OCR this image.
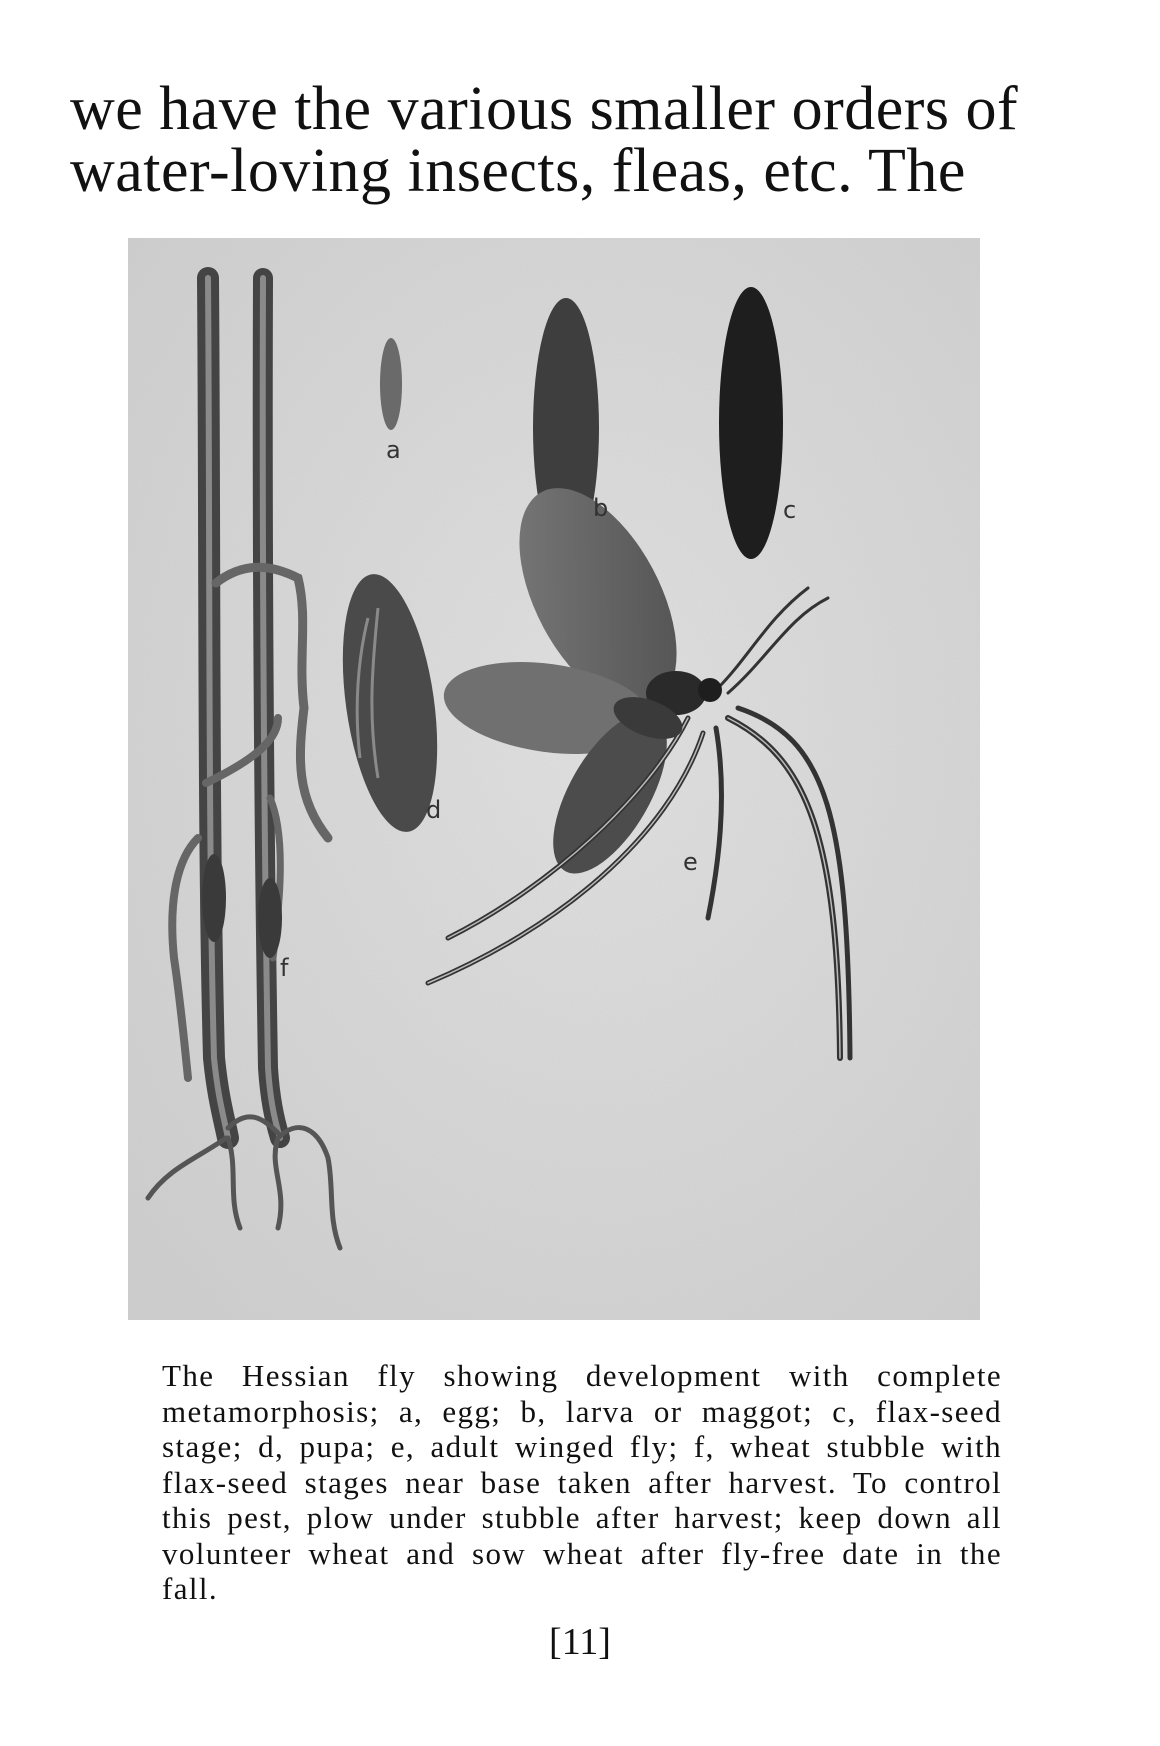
we have the various smaller orders of
water-loving insects, fleas, etc. The
a
b	c
d
e
f
The Hessian fly showing development with complete metamorphosis; a, egg; b, larva or maggot; c, flax-seed stage; d, pupa; e, adult winged fly; f, wheat stubble with flax-seed stages near base taken after harvest. To control this pest, plow under stubble after harvest; keep down all volunteer wheat and sow wheat after fly-free date in the fall.
[11]
